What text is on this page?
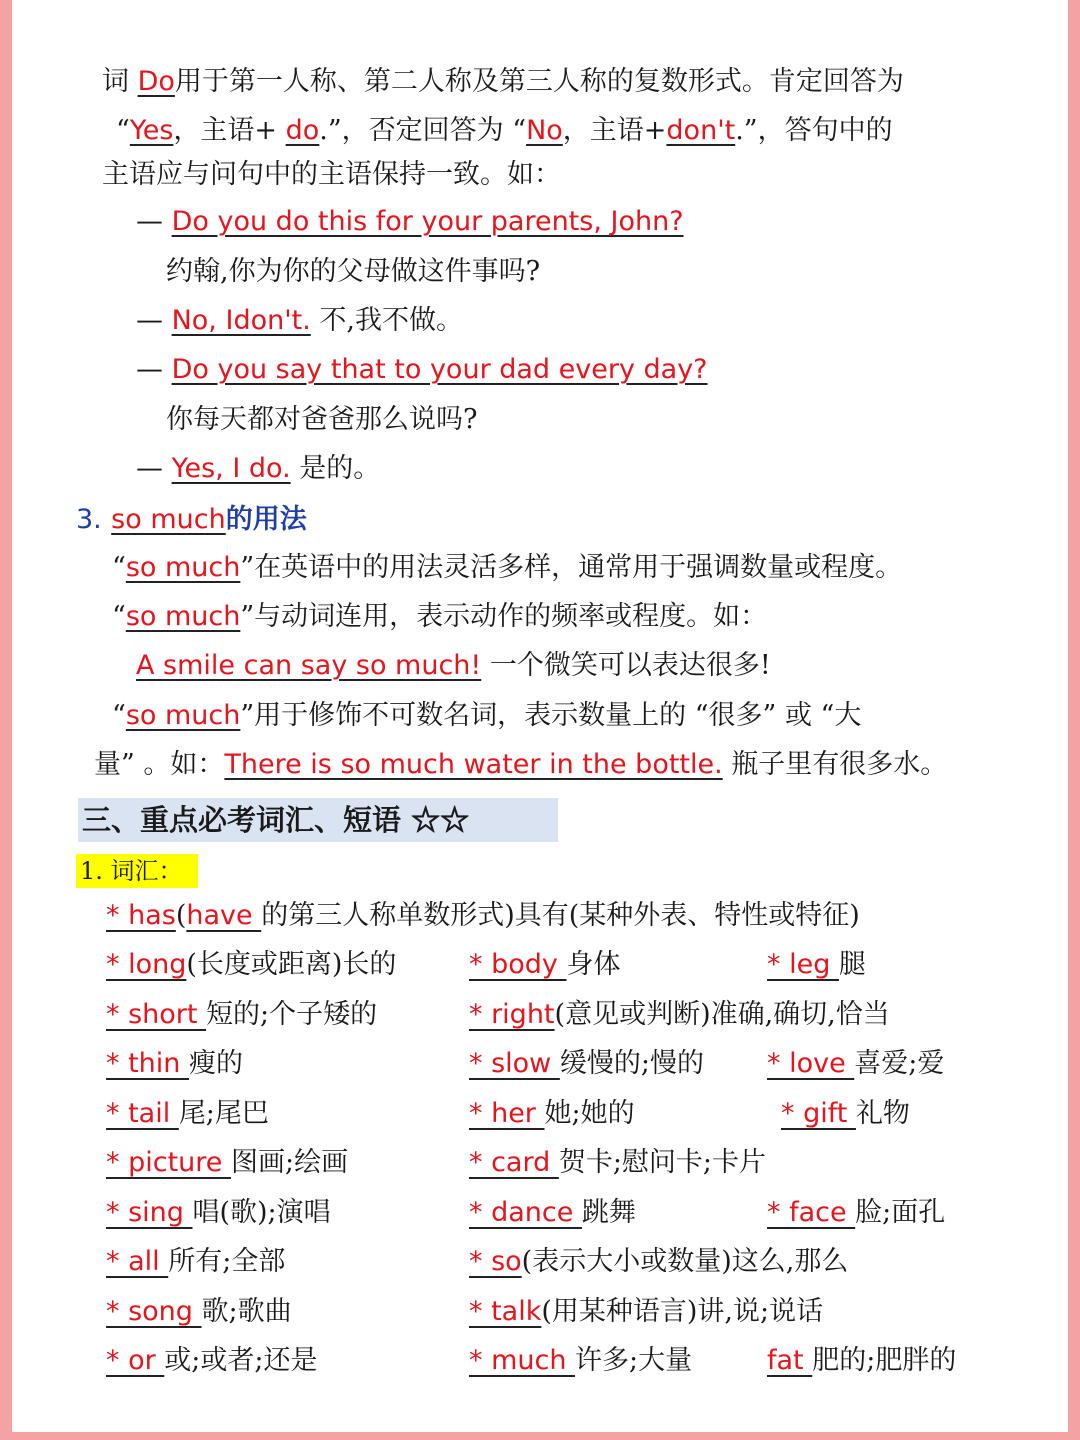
词 Do用于第一人称、第二人称及第三人称的复数形式。肯定回答为
“Yes，主语+ do.”，否定回答为 “No，主语+don't.”，答句中的
主语应与问句中的主语保持一致。如：
— Do you do this for your parents, John?
约翰,你为你的父母做这件事吗?
— No, Idon't. 不,我不做。
— Do you say that to your dad every day?
你每天都对爸爸那么说吗?
— Yes, I do. 是的。
3. so much的用法
“so much”在英语中的用法灵活多样，通常用于强调数量或程度。
“so much”与动词连用，表示动作的频率或程度。如：
A smile can say so much! 一个微笑可以表达很多!
“so much”用于修饰不可数名词，表示数量上的 “很多” 或 “大
量” 。如：There is so much water in the bottle. 瓶子里有很多水。
三、重点必考词汇、短语 ☆☆
1. 词汇：
* has(have 的第三人称单数形式)具有(某种外表、特性或特征)
* long(长度或距离)长的	* body 身体	* leg 腿
* short 短的;个子矮的	* right(意见或判断)准确,确切,恰当
* thin 瘦的	* slow 缓慢的;慢的 * love 喜爱;爱
* tail 尾;尾巴	* her 她;她的	* gift 礼物
* picture 图画;绘画	* card 贺卡;慰问卡;卡片
* sing 唱(歌);演唱	* dance 跳舞	* face 脸;面孔
* all 所有;全部	* so(表示大小或数量)这么,那么
* song 歌;歌曲	* talk(用某种语言)讲,说;说话
* or 或;或者;还是	* much 许多;大量	fat 肥的;肥胖的
